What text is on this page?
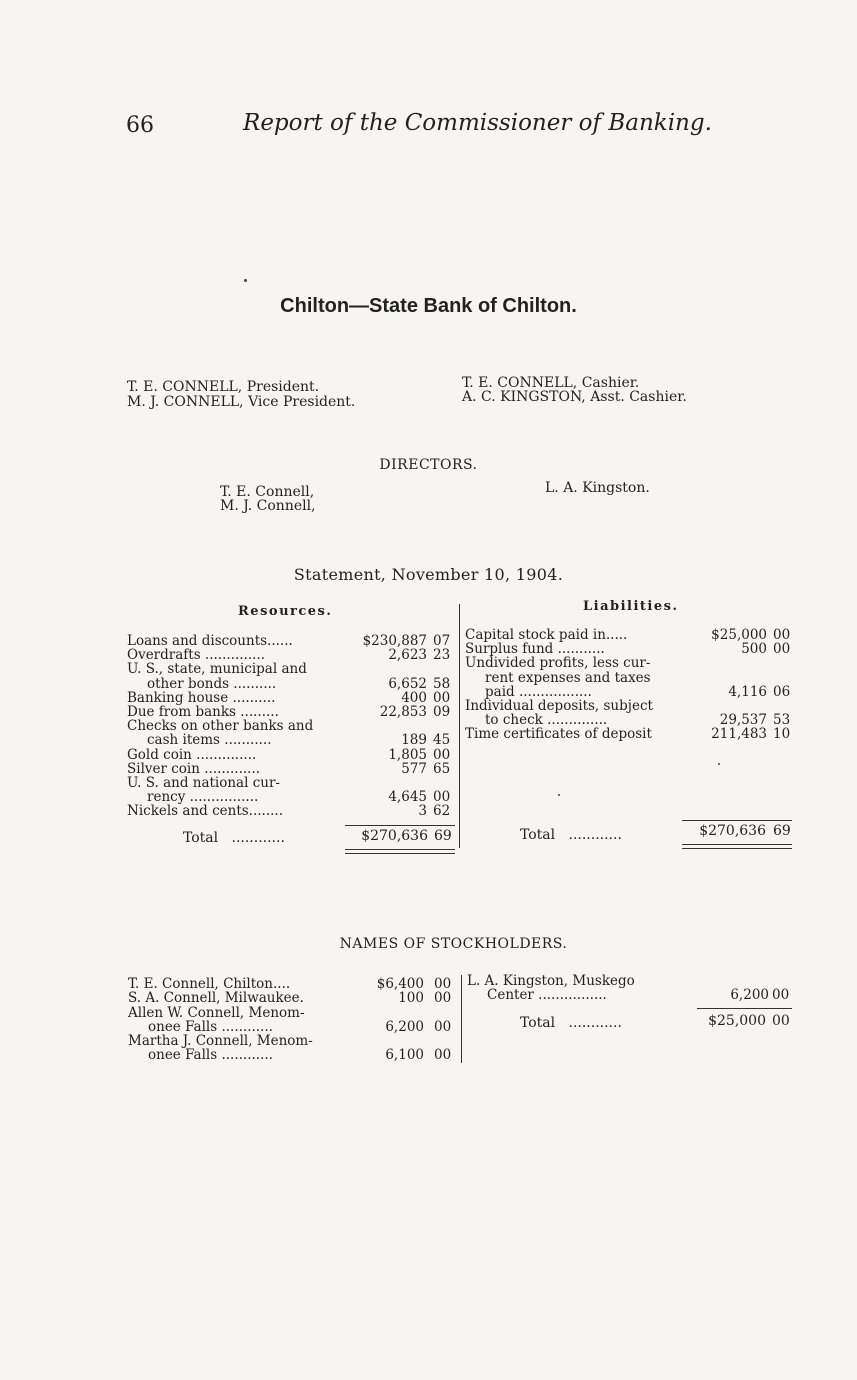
66	Report of the Commissioner of Banking.
Chilton—State Bank of Chilton.
T. E. CONNELL, President.
M. J. CONNELL, Vice President.
T. E. CONNELL, Cashier.
A. C. KINGSTON, Asst. Cashier.
DIRECTORS.
T. E. Connell,
M. J. Connell,
L. A. Kingston.
Statement, November 10, 1904.
Resources.	Liabilities.
Loans and discounts......	$230,887 07
Overdrafts ..............	2,623 23
U. S., state, municipal and
other bonds ..........	6,652 58
Banking house ..........	400 00
Due from banks .........	22,853 09
Checks on other banks and
cash items ...........	189 45
Gold coin ..............	1,805 00
Silver coin .............	577 65
U. S. and national cur-
rency ................	4,645 00
Nickels and cents........	3 62
Total ............	$270,636 69
Capital stock paid in.....	$25,000 00
Surplus fund ...........	500 00
Undivided profits, less cur-
rent expenses and taxes
paid .................	4,116 06
Individual deposits, subject
to check ..............	29,537 53
Time certificates of deposit	211,483 10
Total ............	$270,636 69
NAMES OF STOCKHOLDERS.
T. E. Connell, Chilton....	$6,400 00
S. A. Connell, Milwaukee.	100 00
Allen W. Connell, Menom-
onee Falls ............	6,200 00
Martha J. Connell, Menom-
onee Falls ............	6,100 00
L. A. Kingston, Muskego
Center ................	6,200 00
Total ............	$25,000 00
